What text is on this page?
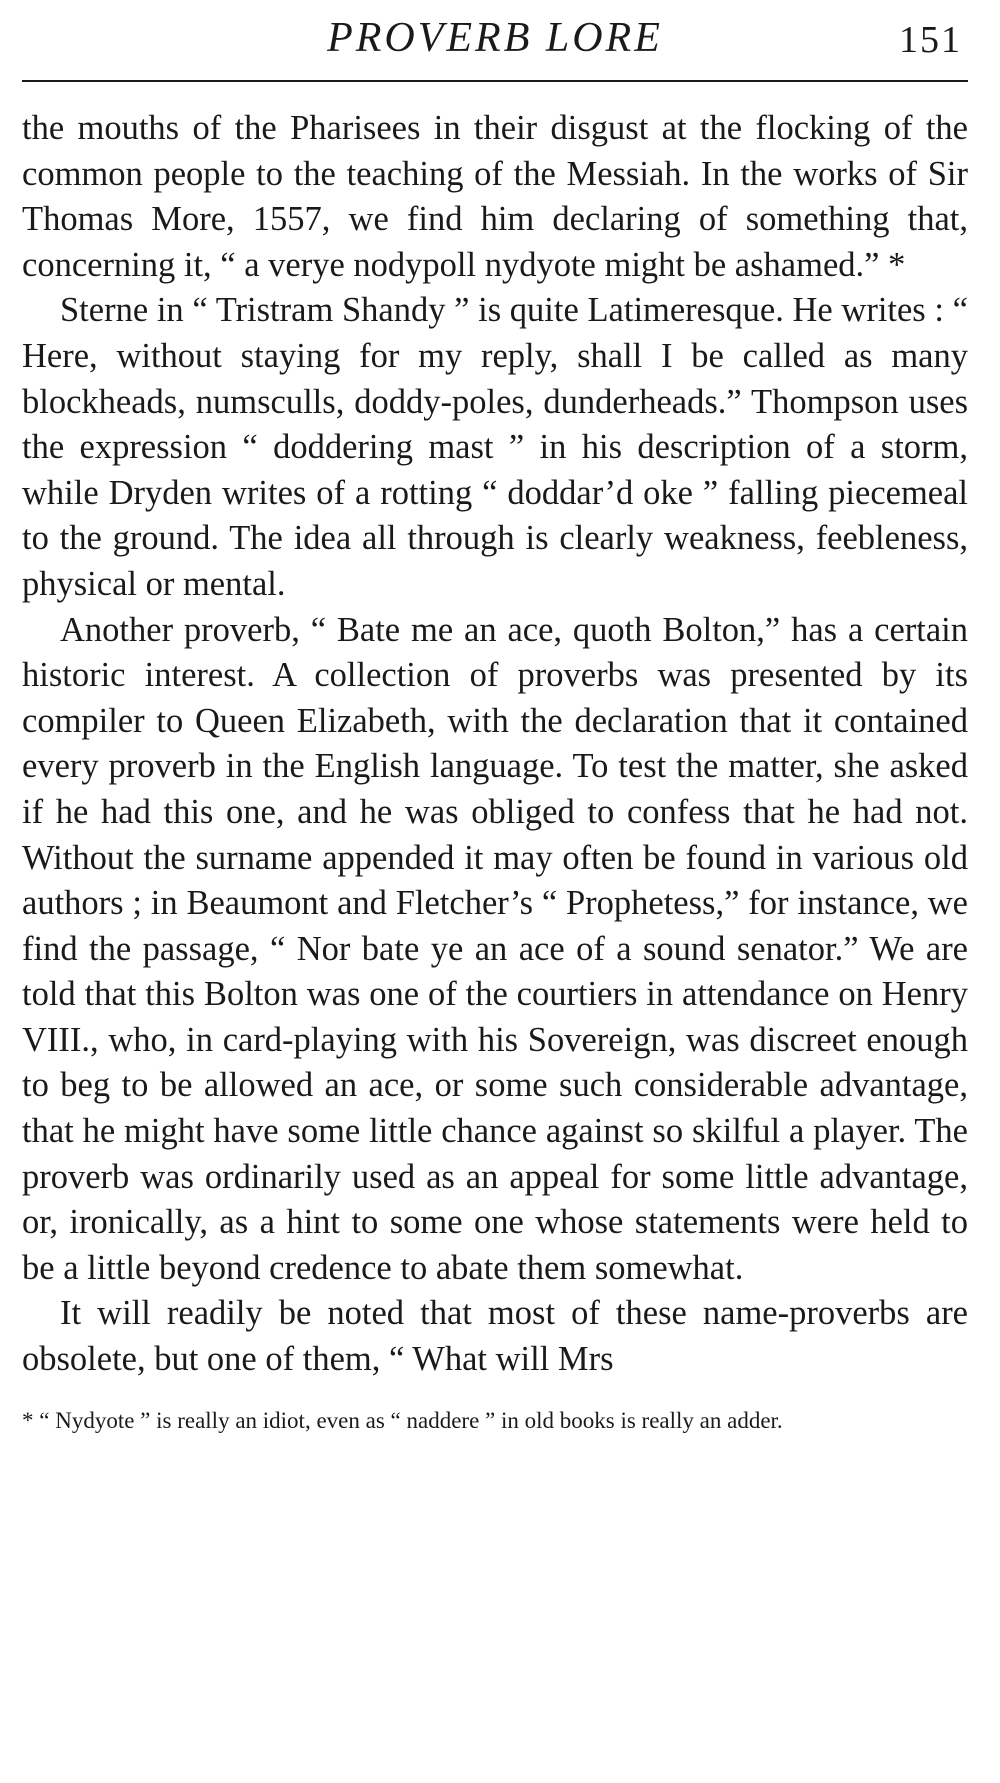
PROVERB LORE	151

the mouths of the Pharisees in their disgust at the flocking of the common people to the teaching of the Messiah. In the works of Sir Thomas More, 1557, we find him declaring of something that, concerning it, “ a verye nodypoll nydyote might be ashamed.” *

Sterne in “ Tristram Shandy ” is quite Latimeresque. He writes : “ Here, without staying for my reply, shall I be called as many blockheads, numsculls, doddy-poles, dunderheads.” Thompson uses the expression “ doddering mast ” in his description of a storm, while Dryden writes of a rotting “ doddar’d oke ” falling piecemeal to the ground. The idea all through is clearly weakness, feebleness, physical or mental.

Another proverb, “ Bate me an ace, quoth Bolton,” has a certain historic interest. A collection of proverbs was presented by its compiler to Queen Elizabeth, with the declaration that it contained every proverb in the English language. To test the matter, she asked if he had this one, and he was obliged to confess that he had not. Without the surname appended it may often be found in various old authors ; in Beaumont and Fletcher’s “ Prophetess,” for instance, we find the passage, “ Nor bate ye an ace of a sound senator.” We are told that this Bolton was one of the courtiers in attendance on Henry VIII., who, in card-playing with his Sovereign, was discreet enough to beg to be allowed an ace, or some such considerable advantage, that he might have some little chance against so skilful a player. The proverb was ordinarily used as an appeal for some little advantage, or, ironically, as a hint to some one whose statements were held to be a little beyond credence to abate them somewhat.

It will readily be noted that most of these name-proverbs are obsolete, but one of them, “ What will Mrs

* “ Nydyote ” is really an idiot, even as “ naddere ” in old books is really an adder.
